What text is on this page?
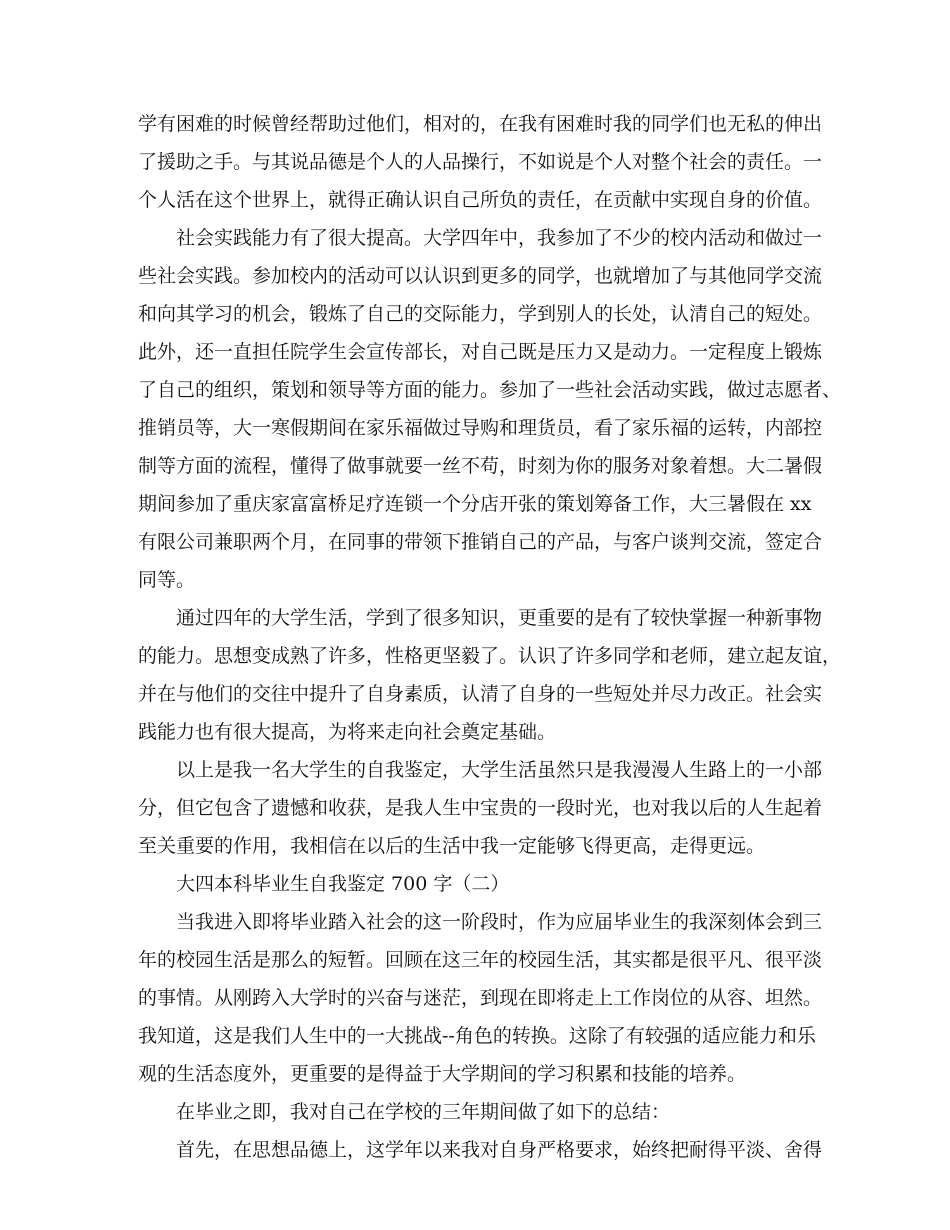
学有困难的时候曾经帮助过他们，相对的，在我有困难时我的同学们也无私的伸出
了援助之手。与其说品德是个人的人品操行，不如说是个人对整个社会的责任。一
个人活在这个世界上，就得正确认识自己所负的责任，在贡献中实现自身的价值。
社会实践能力有了很大提高。大学四年中，我参加了不少的校内活动和做过一
些社会实践。参加校内的活动可以认识到更多的同学，也就增加了与其他同学交流
和向其学习的机会，锻炼了自己的交际能力，学到别人的长处，认清自己的短处。
此外，还一直担任院学生会宣传部长，对自己既是压力又是动力。一定程度上锻炼
了自己的组织，策划和领导等方面的能力。参加了一些社会活动实践，做过志愿者、
推销员等，大一寒假期间在家乐福做过导购和理货员，看了家乐福的运转，内部控
制等方面的流程，懂得了做事就要一丝不苟，时刻为你的服务对象着想。大二暑假
期间参加了重庆家富富桥足疗连锁一个分店开张的策划筹备工作，大三暑假在 xx
有限公司兼职两个月，在同事的带领下推销自己的产品，与客户谈判交流，签定合
同等。
通过四年的大学生活，学到了很多知识，更重要的是有了较快掌握一种新事物
的能力。思想变成熟了许多，性格更坚毅了。认识了许多同学和老师，建立起友谊，
并在与他们的交往中提升了自身素质，认清了自身的一些短处并尽力改正。社会实
践能力也有很大提高，为将来走向社会奠定基础。
以上是我一名大学生的自我鉴定，大学生活虽然只是我漫漫人生路上的一小部
分，但它包含了遗憾和收获，是我人生中宝贵的一段时光，也对我以后的人生起着
至关重要的作用，我相信在以后的生活中我一定能够飞得更高，走得更远。
大四本科毕业生自我鉴定 700 字（二）
当我进入即将毕业踏入社会的这一阶段时，作为应届毕业生的我深刻体会到三
年的校园生活是那么的短暂。回顾在这三年的校园生活，其实都是很平凡、很平淡
的事情。从刚跨入大学时的兴奋与迷茫，到现在即将走上工作岗位的从容、坦然。
我知道，这是我们人生中的一大挑战--角色的转换。这除了有较强的适应能力和乐
观的生活态度外，更重要的是得益于大学期间的学习积累和技能的培养。
在毕业之即，我对自己在学校的三年期间做了如下的总结：
首先，在思想品德上，这学年以来我对自身严格要求，始终把耐得平淡、舍得
